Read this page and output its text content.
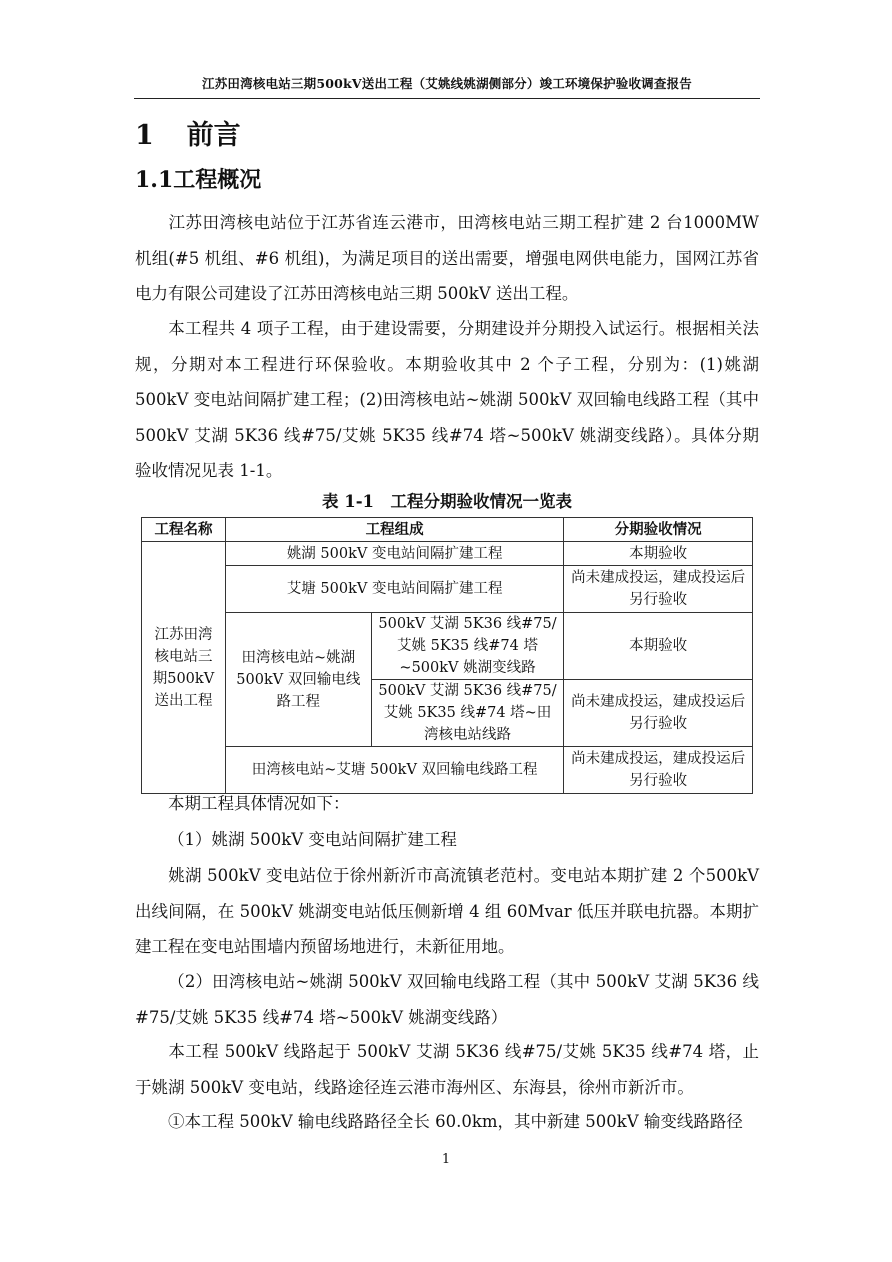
江苏田湾核电站三期500kV送出工程（艾姚线姚湖侧部分）竣工环境保护验收调查报告
1 前言
1.1工程概况
江苏田湾核电站位于江苏省连云港市，田湾核电站三期工程扩建 2 台1000MW机组(#5 机组、#6 机组)，为满足项目的送出需要，增强电网供电能力，国网江苏省电力有限公司建设了江苏田湾核电站三期 500kV 送出工程。
本工程共 4 项子工程，由于建设需要，分期建设并分期投入试运行。根据相关法规，分期对本工程进行环保验收。本期验收其中 2 个子工程，分别为：(1)姚湖 500kV 变电站间隔扩建工程；(2)田湾核电站~姚湖 500kV 双回输电线路工程（其中 500kV 艾湖 5K36 线#75/艾姚 5K35 线#74 塔~500kV 姚湖变线路）。具体分期验收情况见表 1-1。
表 1-1　工程分期验收情况一览表
工程名称	工程组成		分期验收情况
江苏田湾核电站三期500kV送出工程	姚湖 500kV 变电站间隔扩建工程		本期验收
	艾塘 500kV 变电站间隔扩建工程		尚未建成投运，建成投运后另行验收
	田湾核电站~姚湖500kV 双回输电线路工程	500kV 艾湖 5K36 线#75/艾姚 5K35 线#74 塔~500kV 姚湖变线路	本期验收
		500kV 艾湖 5K36 线#75/艾姚 5K35 线#74 塔~田湾核电站线路	尚未建成投运，建成投运后另行验收
	田湾核电站~艾塘 500kV 双回输电线路工程		尚未建成投运，建成投运后另行验收
本期工程具体情况如下：
（1）姚湖 500kV 变电站间隔扩建工程
姚湖 500kV 变电站位于徐州新沂市高流镇老范村。变电站本期扩建 2 个500kV 出线间隔，在 500kV 姚湖变电站低压侧新增 4 组 60Mvar 低压并联电抗器。本期扩建工程在变电站围墙内预留场地进行，未新征用地。
（2）田湾核电站~姚湖 500kV 双回输电线路工程（其中 500kV 艾湖 5K36 线#75/艾姚 5K35 线#74 塔~500kV 姚湖变线路）
本工程 500kV 线路起于 500kV 艾湖 5K36 线#75/艾姚 5K35 线#74 塔，止于姚湖 500kV 变电站，线路途径连云港市海州区、东海县，徐州市新沂市。
①本工程 500kV 输电线路路径全长 60.0km，其中新建 500kV 输变线路路径
1
